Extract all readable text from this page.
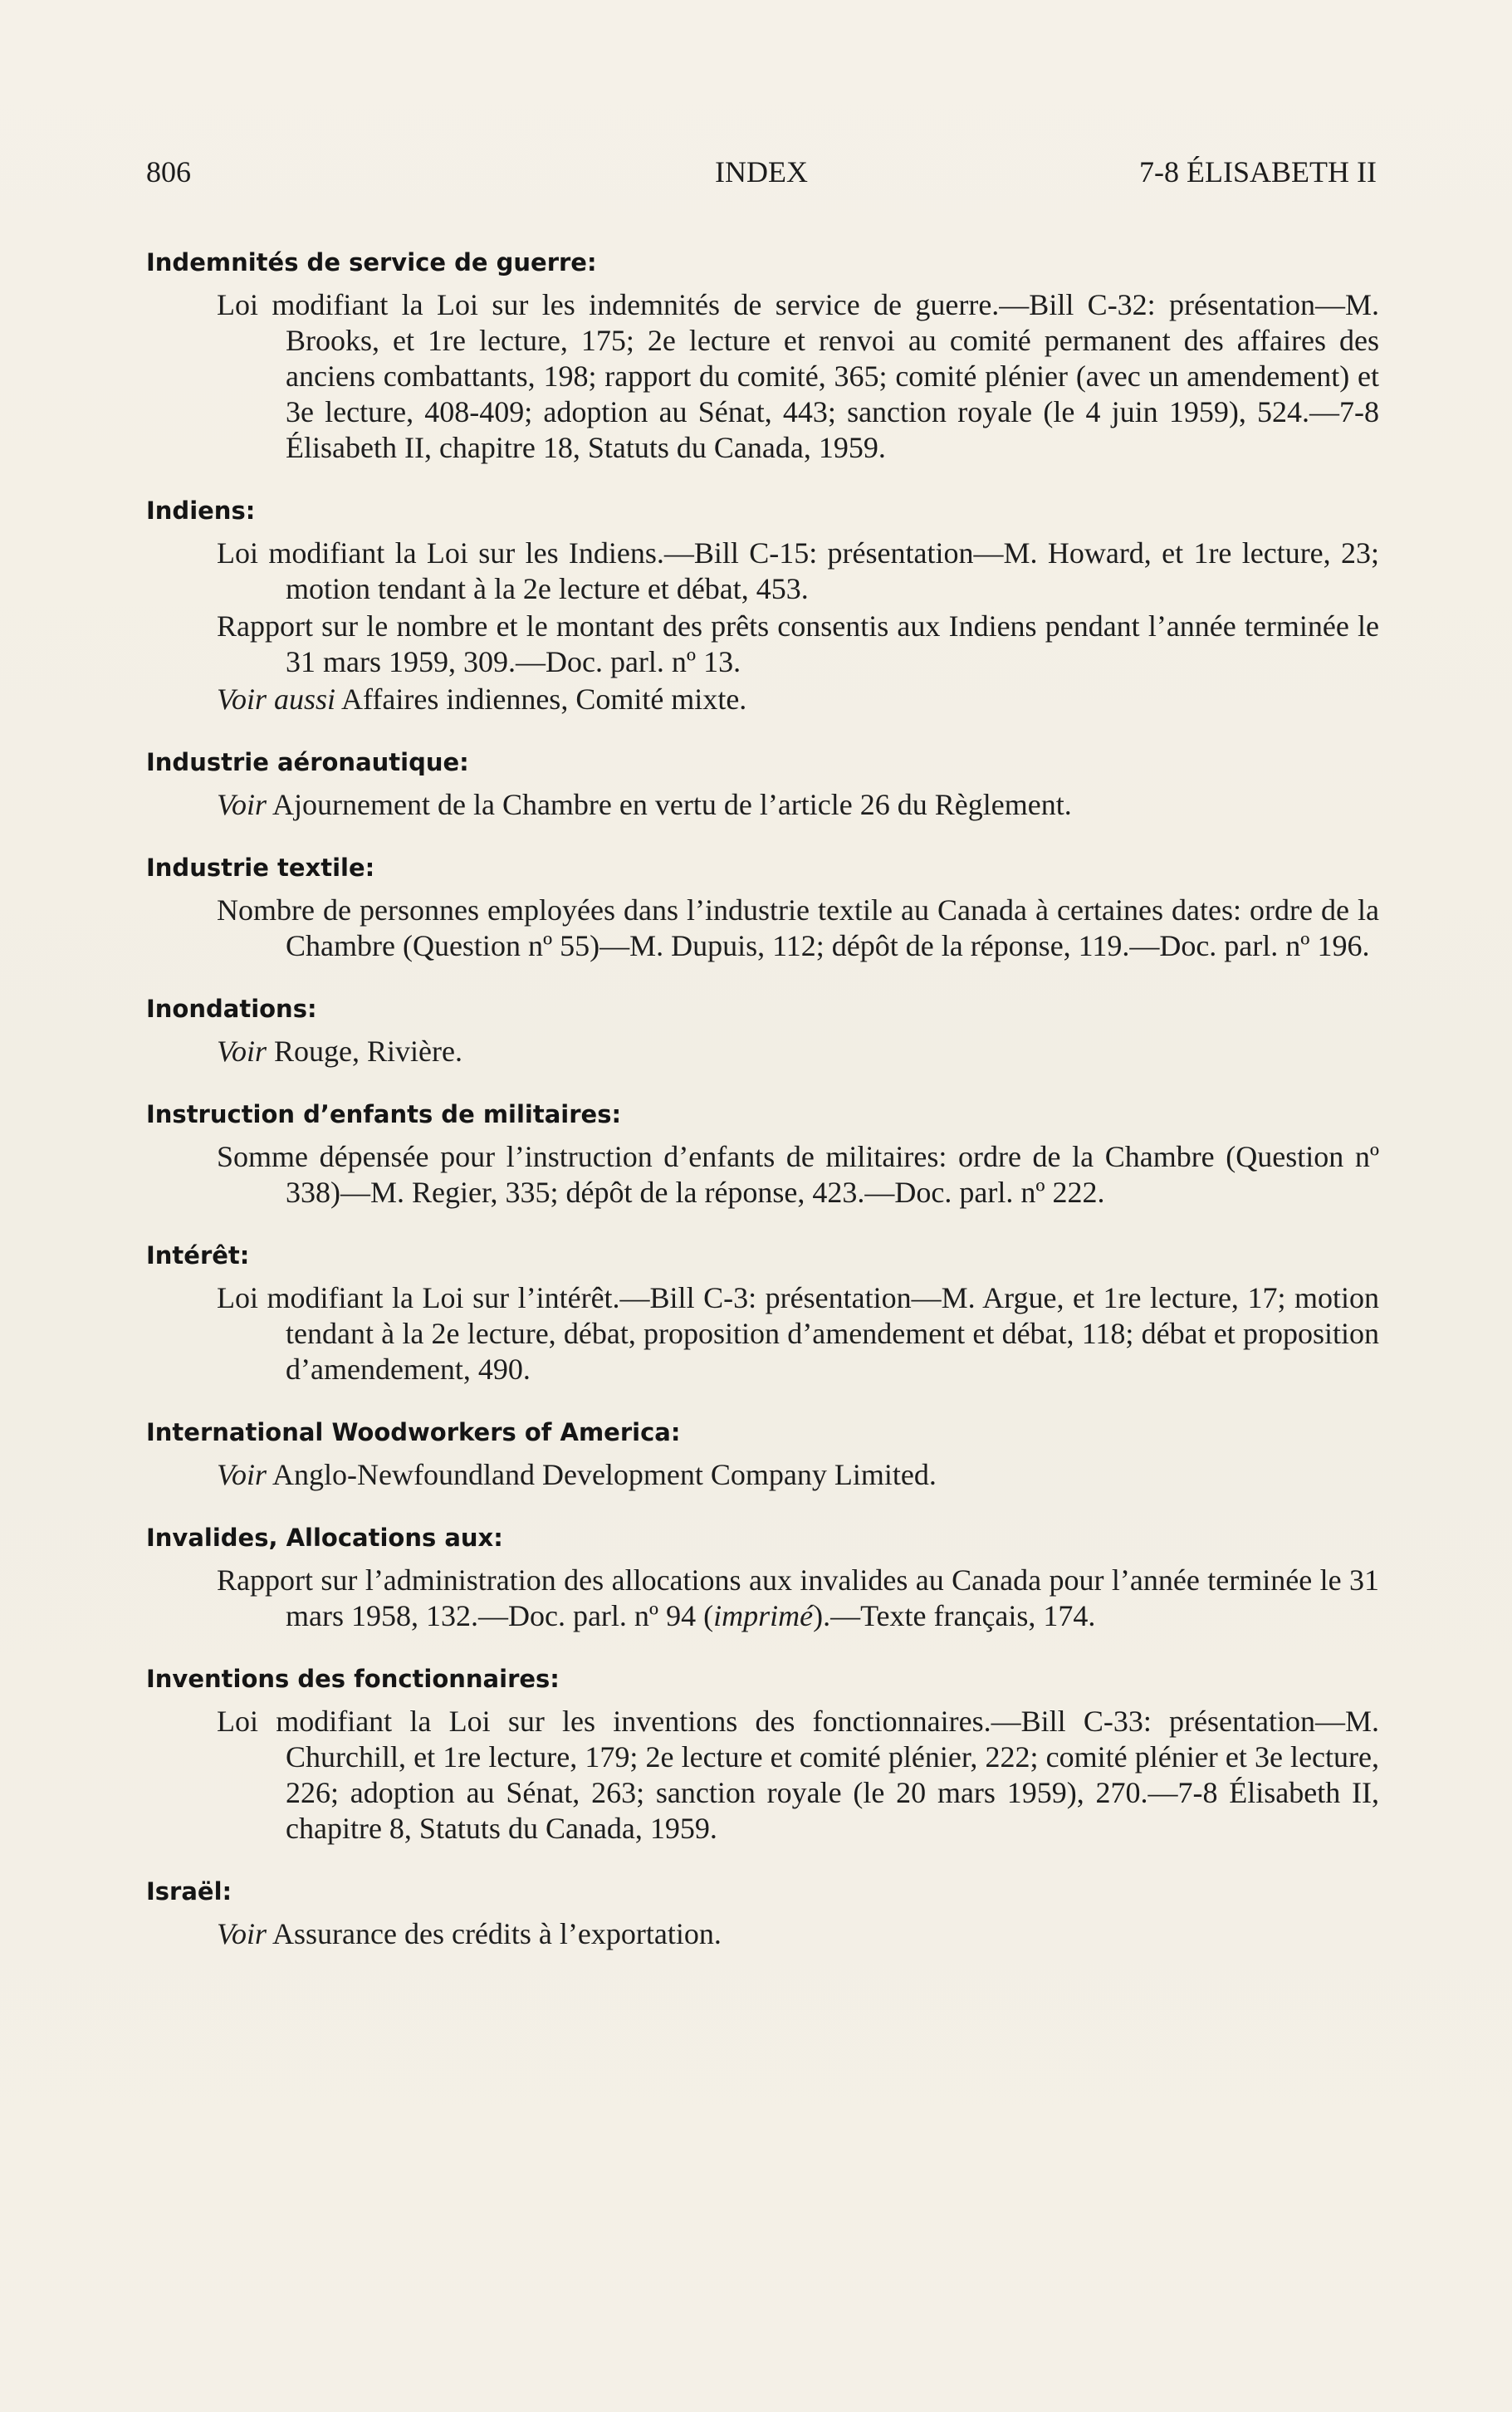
806	INDEX	7-8 ÉLISABETH II
Indemnités de service de guerre:
Loi modifiant la Loi sur les indemnités de service de guerre.—Bill C-32: présentation—M. Brooks, et 1re lecture, 175; 2e lecture et renvoi au comité permanent des affaires des anciens combattants, 198; rapport du comité, 365; comité plénier (avec un amendement) et 3e lecture, 408-409; adoption au Sénat, 443; sanction royale (le 4 juin 1959), 524.—7-8 Élisabeth II, chapitre 18, Statuts du Canada, 1959.
Indiens:
Loi modifiant la Loi sur les Indiens.—Bill C-15: présentation—M. Howard, et 1re lecture, 23; motion tendant à la 2e lecture et débat, 453.
Rapport sur le nombre et le montant des prêts consentis aux Indiens pendant l’année terminée le 31 mars 1959, 309.—Doc. parl. nº 13.
Voir aussi Affaires indiennes, Comité mixte.
Industrie aéronautique:
Voir Ajournement de la Chambre en vertu de l’article 26 du Règlement.
Industrie textile:
Nombre de personnes employées dans l’industrie textile au Canada à certaines dates: ordre de la Chambre (Question nº 55)—M. Dupuis, 112; dépôt de la réponse, 119.—Doc. parl. nº 196.
Inondations:
Voir Rouge, Rivière.
Instruction d’enfants de militaires:
Somme dépensée pour l’instruction d’enfants de militaires: ordre de la Chambre (Question nº 338)—M. Regier, 335; dépôt de la réponse, 423.—Doc. parl. nº 222.
Intérêt:
Loi modifiant la Loi sur l’intérêt.—Bill C-3: présentation—M. Argue, et 1re lecture, 17; motion tendant à la 2e lecture, débat, proposition d’amendement et débat, 118; débat et proposition d’amendement, 490.
International Woodworkers of America:
Voir Anglo-Newfoundland Development Company Limited.
Invalides, Allocations aux:
Rapport sur l’administration des allocations aux invalides au Canada pour l’année terminée le 31 mars 1958, 132.—Doc. parl. nº 94 (imprimé).—Texte français, 174.
Inventions des fonctionnaires:
Loi modifiant la Loi sur les inventions des fonctionnaires.—Bill C-33: présentation—M. Churchill, et 1re lecture, 179; 2e lecture et comité plénier, 222; comité plénier et 3e lecture, 226; adoption au Sénat, 263; sanction royale (le 20 mars 1959), 270.—7-8 Élisabeth II, chapitre 8, Statuts du Canada, 1959.
Israël:
Voir Assurance des crédits à l’exportation.
